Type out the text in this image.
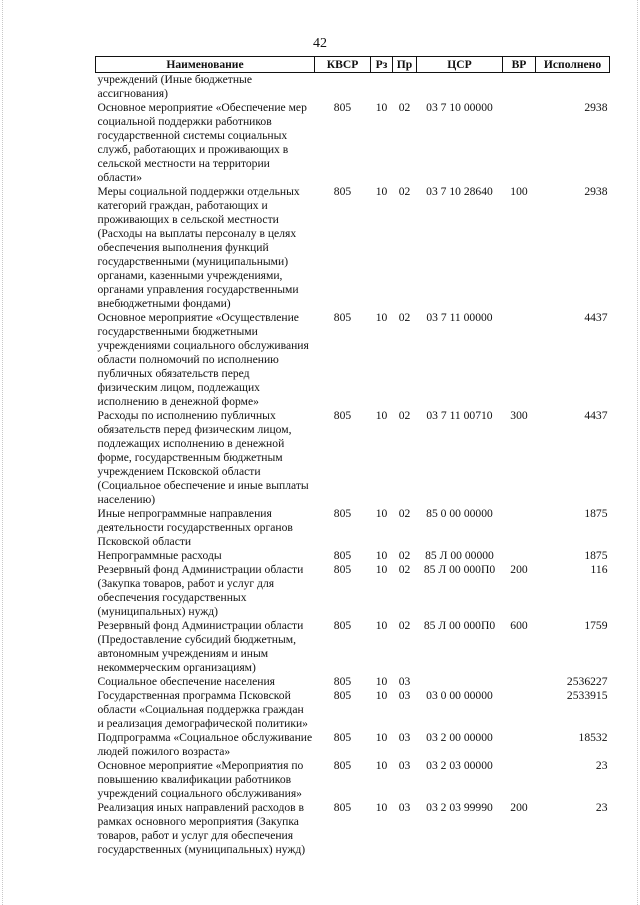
42
Наименование	КВСР	Рз	Пр	ЦСР	ВР	Исполнено
учреждений (Иные бюджетные ассигнования)						
Основное мероприятие «Обеспечение мер социальной поддержки работников государственной системы социальных служб, работающих и проживающих в сельской местности на территории области»	805	10	02	03 7 10 00000		2938
Меры социальной поддержки отдельных категорий граждан, работающих и проживающих в сельской местности (Расходы на выплаты персоналу в целях обеспечения выполнения функций государственными (муниципальными) органами, казенными учреждениями, органами управления государственными внебюджетными фондами)	805	10	02	03 7 10 28640	100	2938
Основное мероприятие «Осуществление государственными бюджетными учреждениями социального обслуживания области полномочий по исполнению публичных обязательств перед физическим лицом, подлежащих исполнению в денежной форме»	805	10	02	03 7 11 00000		4437
Расходы по исполнению публичных обязательств перед физическим лицом, подлежащих исполнению в денежной форме, государственным бюджетным учреждением Псковской области (Социальное обеспечение и иные выплаты населению)	805	10	02	03 7 11 00710	300	4437
Иные непрограммные направления деятельности государственных органов Псковской области	805	10	02	85 0 00 00000		1875
Непрограммные расходы	805	10	02	85 Л 00 00000		1875
Резервный фонд Администрации области (Закупка товаров, работ и услуг для обеспечения государственных (муниципальных) нужд)	805	10	02	85 Л 00 000П0	200	116
Резервный фонд Администрации области (Предоставление субсидий бюджетным, автономным учреждениям и иным некоммерческим организациям)	805	10	02	85 Л 00 000П0	600	1759
Социальное обеспечение населения	805	10	03			2536227
Государственная программа Псковской области «Социальная поддержка граждан и реализация демографической политики»	805	10	03	03 0 00 00000		2533915
Подпрограмма «Социальное обслуживание людей пожилого возраста»	805	10	03	03 2 00 00000		18532
Основное мероприятие «Мероприятия по повышению квалификации работников учреждений социального обслуживания»	805	10	03	03 2 03 00000		23
Реализация иных направлений расходов в рамках основного мероприятия (Закупка товаров, работ и услуг для обеспечения государственных (муниципальных) нужд)	805	10	03	03 2 03 99990	200	23
